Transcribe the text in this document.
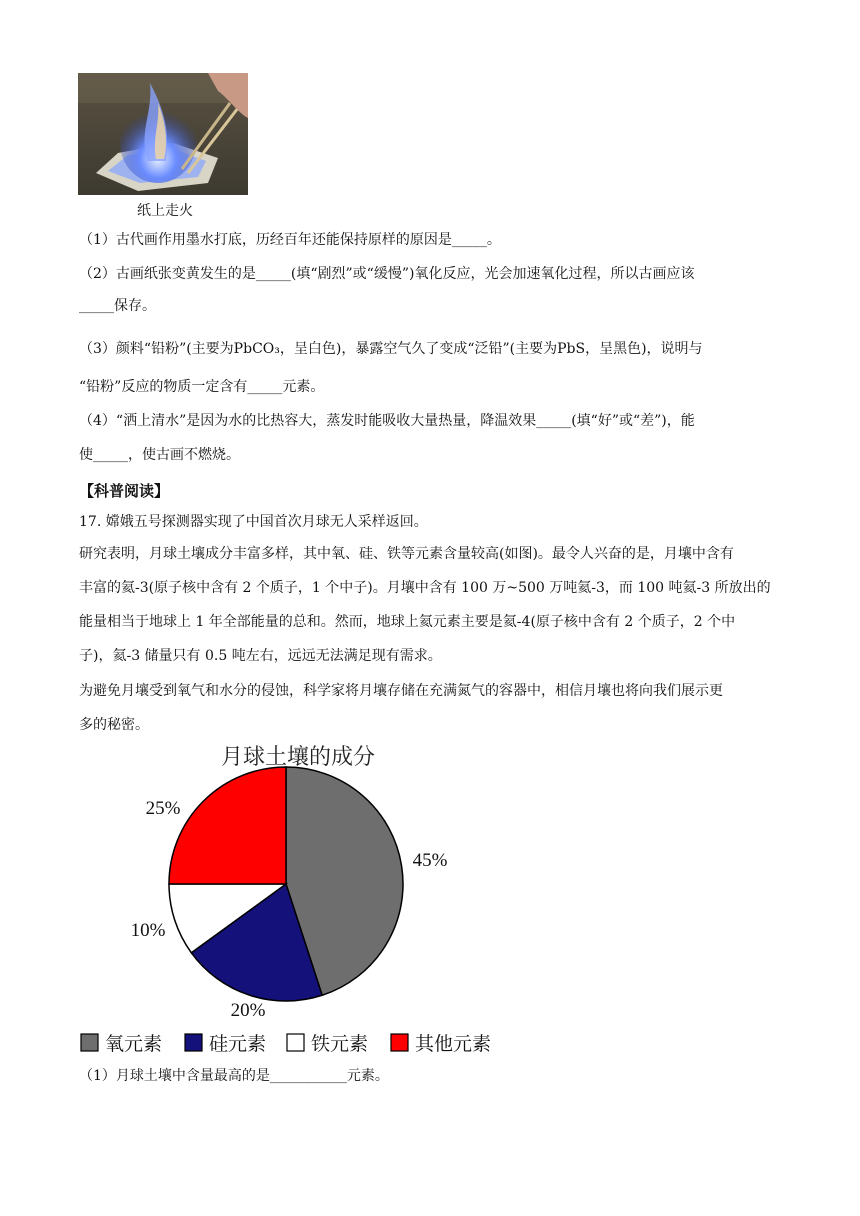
纸上走火
（1）古代画作用墨水打底，历经百年还能保持原样的原因是_____。
（2）古画纸张变黄发生的是_____(填“剧烈”或“缓慢”)氧化反应，光会加速氧化过程，所以古画应该
_____保存。
（3）颜料“铅粉”(主要为PbCO₃，呈白色)，暴露空气久了变成“泛铅”(主要为PbS，呈黑色)，说明与
“铅粉”反应的物质一定含有_____元素。
（4）“洒上清水”是因为水的比热容大，蒸发时能吸收大量热量，降温效果_____(填“好”或“差”)，能
使_____，使古画不燃烧。
【科普阅读】
17. 嫦娥五号探测器实现了中国首次月球无人采样返回。
研究表明，月球土壤成分丰富多样，其中氧、硅、铁等元素含量较高(如图)。最令人兴奋的是，月壤中含有
丰富的氦-3(原子核中含有 2 个质子，1 个中子)。月壤中含有 100 万~500 万吨氦-3，而 100 吨氦-3 所放出的
能量相当于地球上 1 年全部能量的总和。然而，地球上氦元素主要是氦-4(原子核中含有 2 个质子，2 个中
子)，氦-3 储量只有 0.5 吨左右，远远无法满足现有需求。
为避免月壤受到氧气和水分的侵蚀，科学家将月壤存储在充满氮气的容器中，相信月壤也将向我们展示更
多的秘密。
月球土壤的成分
45%
20%
10%
25%
氧元素 硅元素 铁元素 其他元素
（1）月球土壤中含量最高的是___________元素。
